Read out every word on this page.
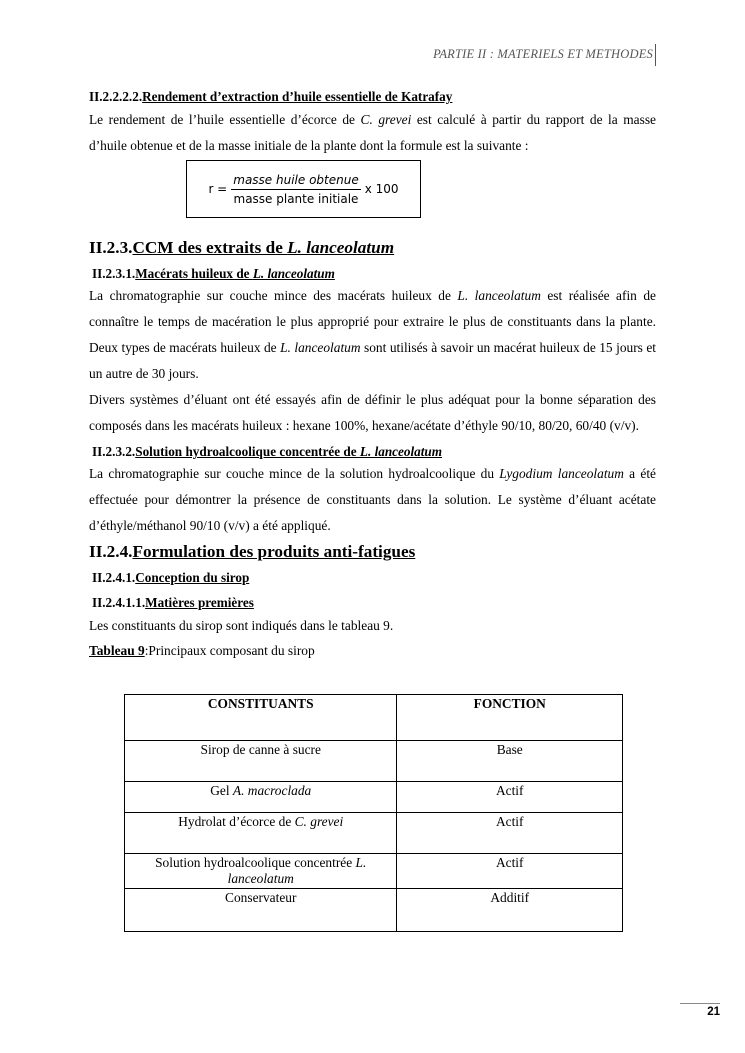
PARTIE II : MATERIELS ET METHODES
II.2.2.2.2.Rendement d’extraction d’huile essentielle de Katrafay

Le rendement de l’huile essentielle d’écorce de C. grevei est calculé à partir du rapport de la masse d’huile obtenue et de la masse initiale de la plante dont la formule est la suivante :

II.2.3.CCM des extraits de L. lanceolatum
II.2.3.1.Macérats huileux de L. lanceolatum

La chromatographie sur couche mince des macérats huileux de L. lanceolatum est réalisée afin de connaître le temps de macération le plus approprié pour extraire le plus de constituants dans la plante. Deux types de macérats huileux de L. lanceolatum sont utilisés à savoir un macérat huileux de 15 jours et un autre de 30 jours.

Divers systèmes d’éluant ont été essayés afin de définir le plus adéquat pour la bonne séparation des composés dans les macérats huileux : hexane 100%, hexane/acétate d’éthyle 90/10, 80/20, 60/40 (v/v).

II.2.3.2.Solution hydroalcoolique concentrée de L. lanceolatum

La chromatographie sur couche mince de la solution hydroalcoolique du Lygodium lanceolatum a été effectuée pour démontrer la présence de constituants dans la solution. Le système d’éluant acétate d’éthyle/méthanol 90/10 (v/v) a été appliqué.

II.2.4.Formulation des produits anti-fatigues
II.2.4.1.Conception du sirop
II.2.4.1.1.Matières premières

Les constituants du sirop sont indiqués dans le tableau 9.

Tableau 9:Principaux composant du sirop
$r = \frac{\text{masse huile obtenue}}{\text{masse plante initiale}}$ x 100
CONSTITUANTS	FONCTION
Sirop de canne à sucre	Base
Gel A. macroclada	Actif
Hydrolat d’écorce de C. grevei	Actif
Solution hydroalcoolique concentrée L. lanceolatum	Actif
Conservateur	Additif
21
